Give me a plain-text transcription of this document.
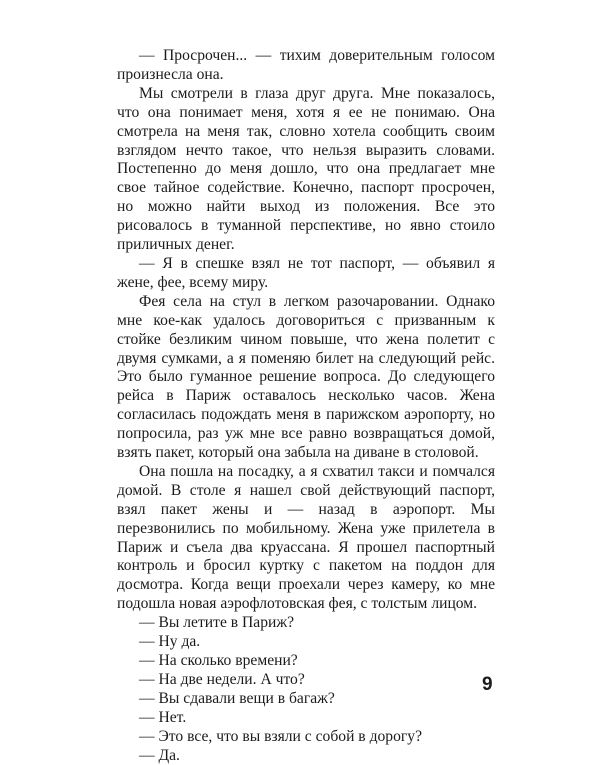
— Просрочен... — тихим доверительным голосом произнесла она.

Мы смотрели в глаза друг друга. Мне показалось, что она понимает меня, хотя я ее не понимаю. Она смотрела на меня так, словно хотела сообщить своим взглядом нечто такое, что нельзя выразить словами. Постепенно до меня дошло, что она предлагает мне свое тайное содействие. Конечно, паспорт просрочен, но можно найти выход из положения. Все это рисовалось в туманной перспективе, но явно стоило приличных денег.

— Я в спешке взял не тот паспорт, — объявил я жене, фее, всему миру.

Фея села на стул в легком разочаровании. Однако мне кое-как удалось договориться с призванным к стойке безликим чином повыше, что жена полетит с двумя сумками, а я поменяю билет на следующий рейс. Это было гуманное решение вопроса. До следующего рейса в Париж оставалось несколько часов. Жена согласилась подождать меня в парижском аэропорту, но попросила, раз уж мне все равно возвращаться домой, взять пакет, который она забыла на диване в столовой.

Она пошла на посадку, а я схватил такси и помчался домой. В столе я нашел свой действующий паспорт, взял пакет жены и — назад в аэропорт. Мы перезвонились по мобильному. Жена уже прилетела в Париж и съела два круассана. Я прошел паспортный контроль и бросил куртку с пакетом на поддон для досмотра. Когда вещи проехали через камеру, ко мне подошла новая аэрофлотовская фея, с толстым лицом.

— Вы летите в Париж?

— Ну да.

— На сколько времени?

— На две недели. А что?

— Вы сдавали вещи в багаж?

— Нет.

— Это все, что вы взяли с собой в дорогу?

— Да.

9
